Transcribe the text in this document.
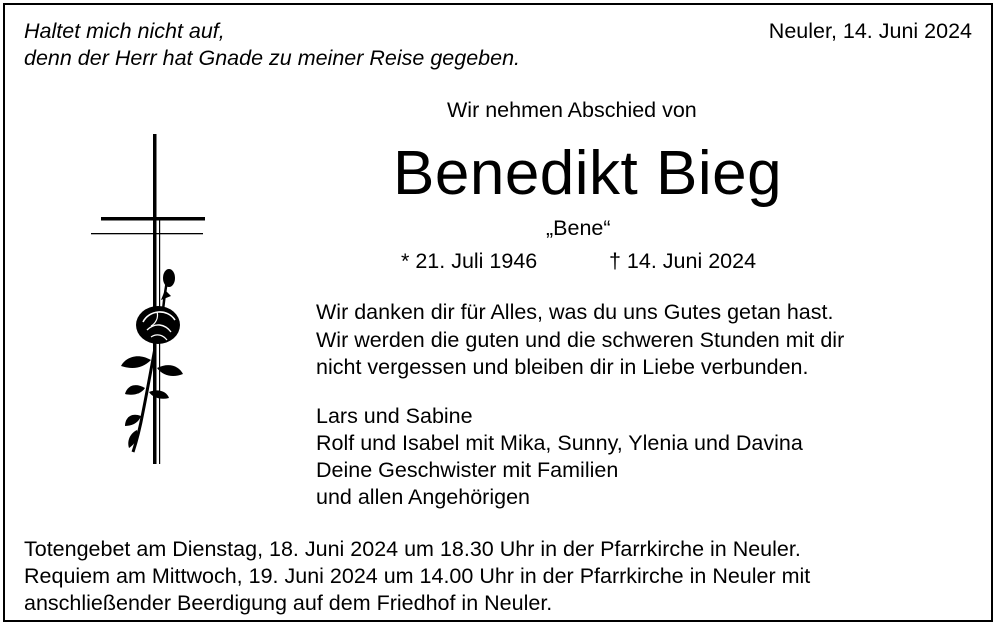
Haltet mich nicht auf,
denn der Herr hat Gnade zu meiner Reise gegeben.
Neuler, 14. Juni 2024
Wir nehmen Abschied von
Benedikt Bieg
„Bene“
* 21. Juli 1946	† 14. Juni 2024
Wir danken dir für Alles, was du uns Gutes getan hast.
Wir werden die guten und die schweren Stunden mit dir
nicht vergessen und bleiben dir in Liebe verbunden.
Lars und Sabine
Rolf und Isabel mit Mika, Sunny, Ylenia und Davina
Deine Geschwister mit Familien
und allen Angehörigen
Totengebet am Dienstag, 18. Juni 2024 um 18.30 Uhr in der Pfarrkirche in Neuler.
Requiem am Mittwoch, 19. Juni 2024 um 14.00 Uhr in der Pfarrkirche in Neuler mit
anschließender Beerdigung auf dem Friedhof in Neuler.
